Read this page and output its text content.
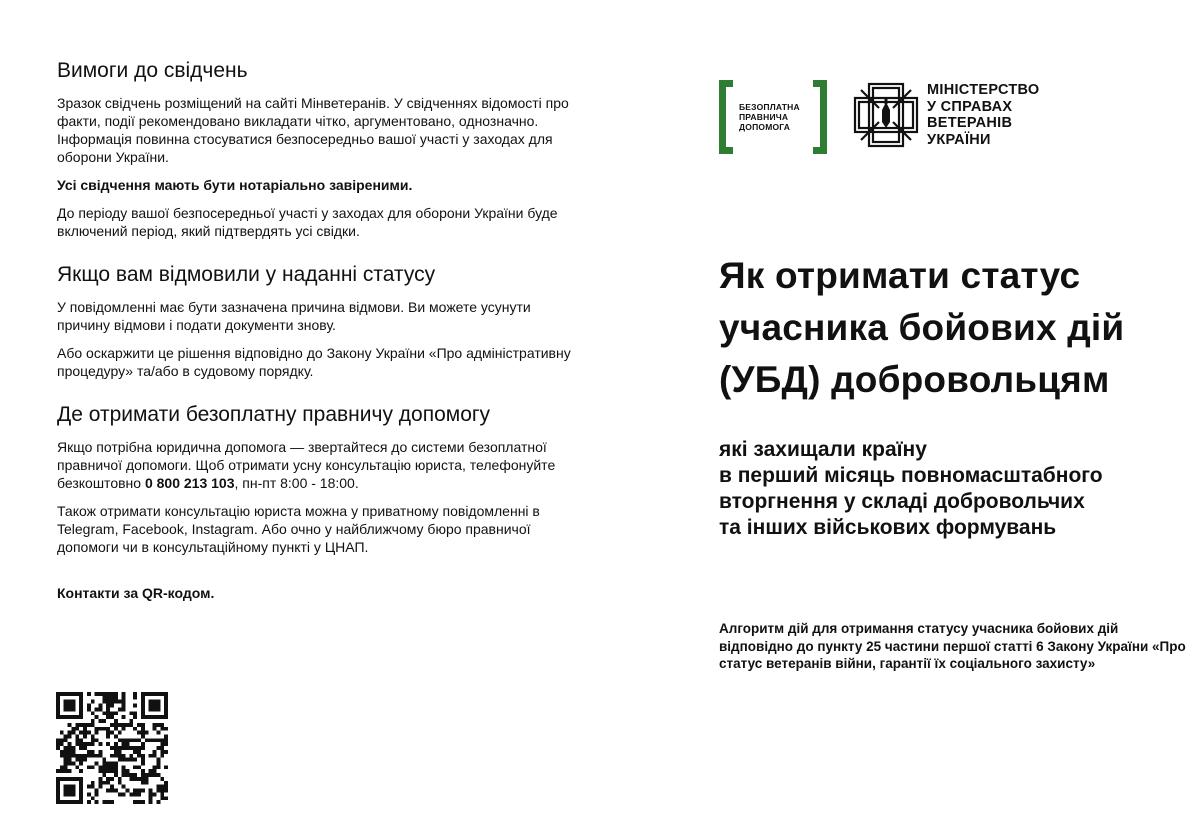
Вимоги до свідчень

Зразок свідчень розміщений на сайті Мінветеранів. У свідченнях відомості про факти, події рекомендовано викладати чітко, аргументовано, однозначно. Інформація повинна стосуватися безпосередньо вашої участі у заходах для оборони України.

Усі свідчення мають бути нотаріально завіреними.

До періоду вашої безпосередньої участі у заходах для оборони України буде включений період, який підтвердять усі свідки.

Якщо вам відмовили у наданні статусу

У повідомленні має бути зазначена причина відмови. Ви можете усунути причину відмови і подати документи знову.

Або оскаржити це рішення відповідно до Закону України «Про адміністративну процедуру» та/або в судовому порядку.

Де отримати безоплатну правничу допомогу

Якщо потрібна юридична допомога — звертайтеся до системи безоплатної правничої допомоги. Щоб отримати усну консультацію юриста, телефонуйте безкоштовно 0 800 213 103, пн-пт 8:00 - 18:00.

Також отримати консультацію юриста можна у приватному повідомленні в Telegram, Facebook, Instagram. Або очно у найближчому бюро правничої допомоги чи в консультаційному пункті у ЦНАП.

Контакти за QR-кодом.

БЕЗОПЛАТНА
ПРАВНИЧА
ДОПОМОГА
МІНІСТЕРСТВО
У СПРАВАХ
ВЕТЕРАНІВ
УКРАЇНИ
Як отримати статус
учасника бойових дій
(УБД) добровольцям
які захищали країну
в перший місяць повномасштабного
вторгнення у складі добровольчих
та інших військових формувань
Алгоритм дій для отримання статусу учасника бойових дій відповідно до пункту 25 частини першої статті 6 Закону України «Про статус ветеранів війни, гарантії їх соціального захисту»
